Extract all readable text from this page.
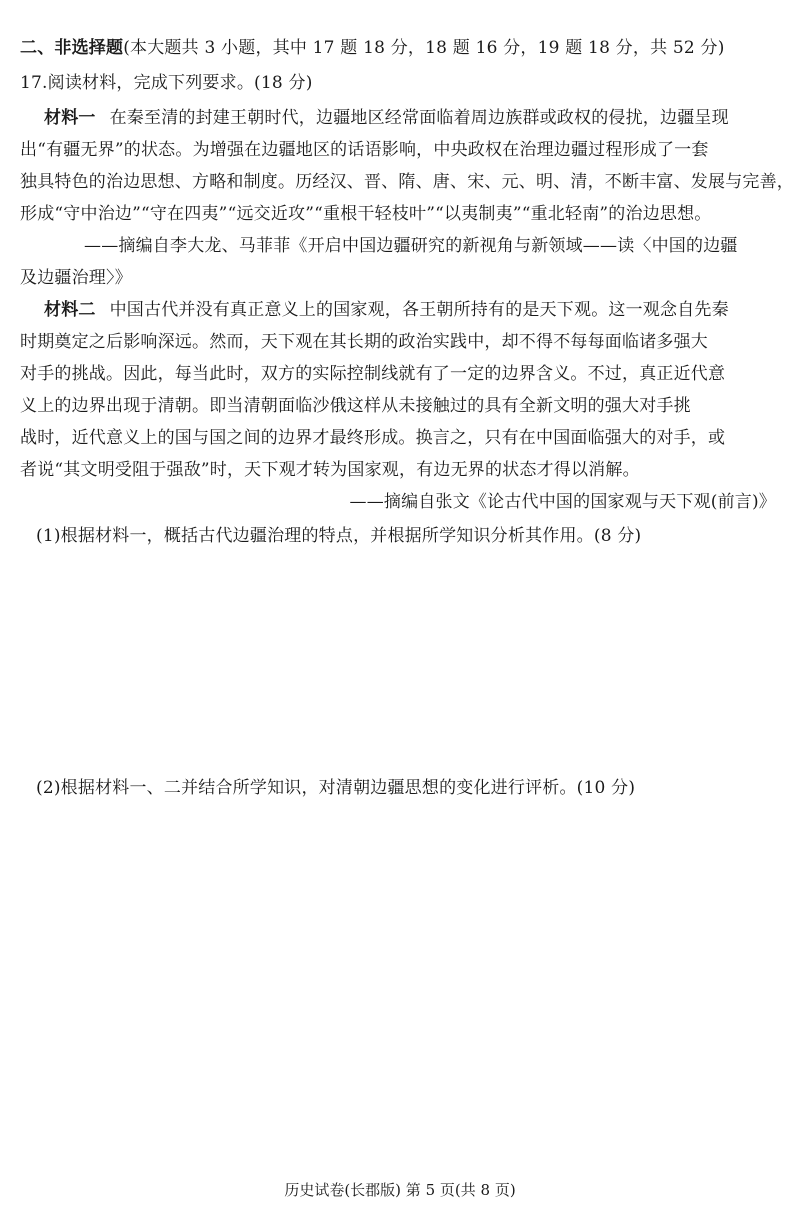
二、非选择题(本大题共 3 小题，其中 17 题 18 分，18 题 16 分，19 题 18 分，共 52 分)
17.阅读材料，完成下列要求。(18 分)
材料一 在秦至清的封建王朝时代，边疆地区经常面临着周边族群或政权的侵扰，边疆呈现
出“有疆无界”的状态。为增强在边疆地区的话语影响，中央政权在治理边疆过程形成了一套
独具特色的治边思想、方略和制度。历经汉、晋、隋、唐、宋、元、明、清，不断丰富、发展与完善，
形成“守中治边”“守在四夷”“远交近攻”“重根干轻枝叶”“以夷制夷”“重北轻南”的治边思想。
——摘编自李大龙、马菲菲《开启中国边疆研究的新视角与新领域——读〈中国的边疆
及边疆治理〉》
材料二 中国古代并没有真正意义上的国家观，各王朝所持有的是天下观。这一观念自先秦
时期奠定之后影响深远。然而，天下观在其长期的政治实践中，却不得不每每面临诸多强大
对手的挑战。因此，每当此时，双方的实际控制线就有了一定的边界含义。不过，真正近代意
义上的边界出现于清朝。即当清朝面临沙俄这样从未接触过的具有全新文明的强大对手挑
战时，近代意义上的国与国之间的边界才最终形成。换言之，只有在中国面临强大的对手，或
者说“其文明受阻于强敌”时，天下观才转为国家观，有边无界的状态才得以消解。
——摘编自张文《论古代中国的国家观与天下观(前言)》
(1)根据材料一，概括古代边疆治理的特点，并根据所学知识分析其作用。(8 分)
(2)根据材料一、二并结合所学知识，对清朝边疆思想的变化进行评析。(10 分)
历史试卷(长郡版) 第 5 页(共 8 页)
